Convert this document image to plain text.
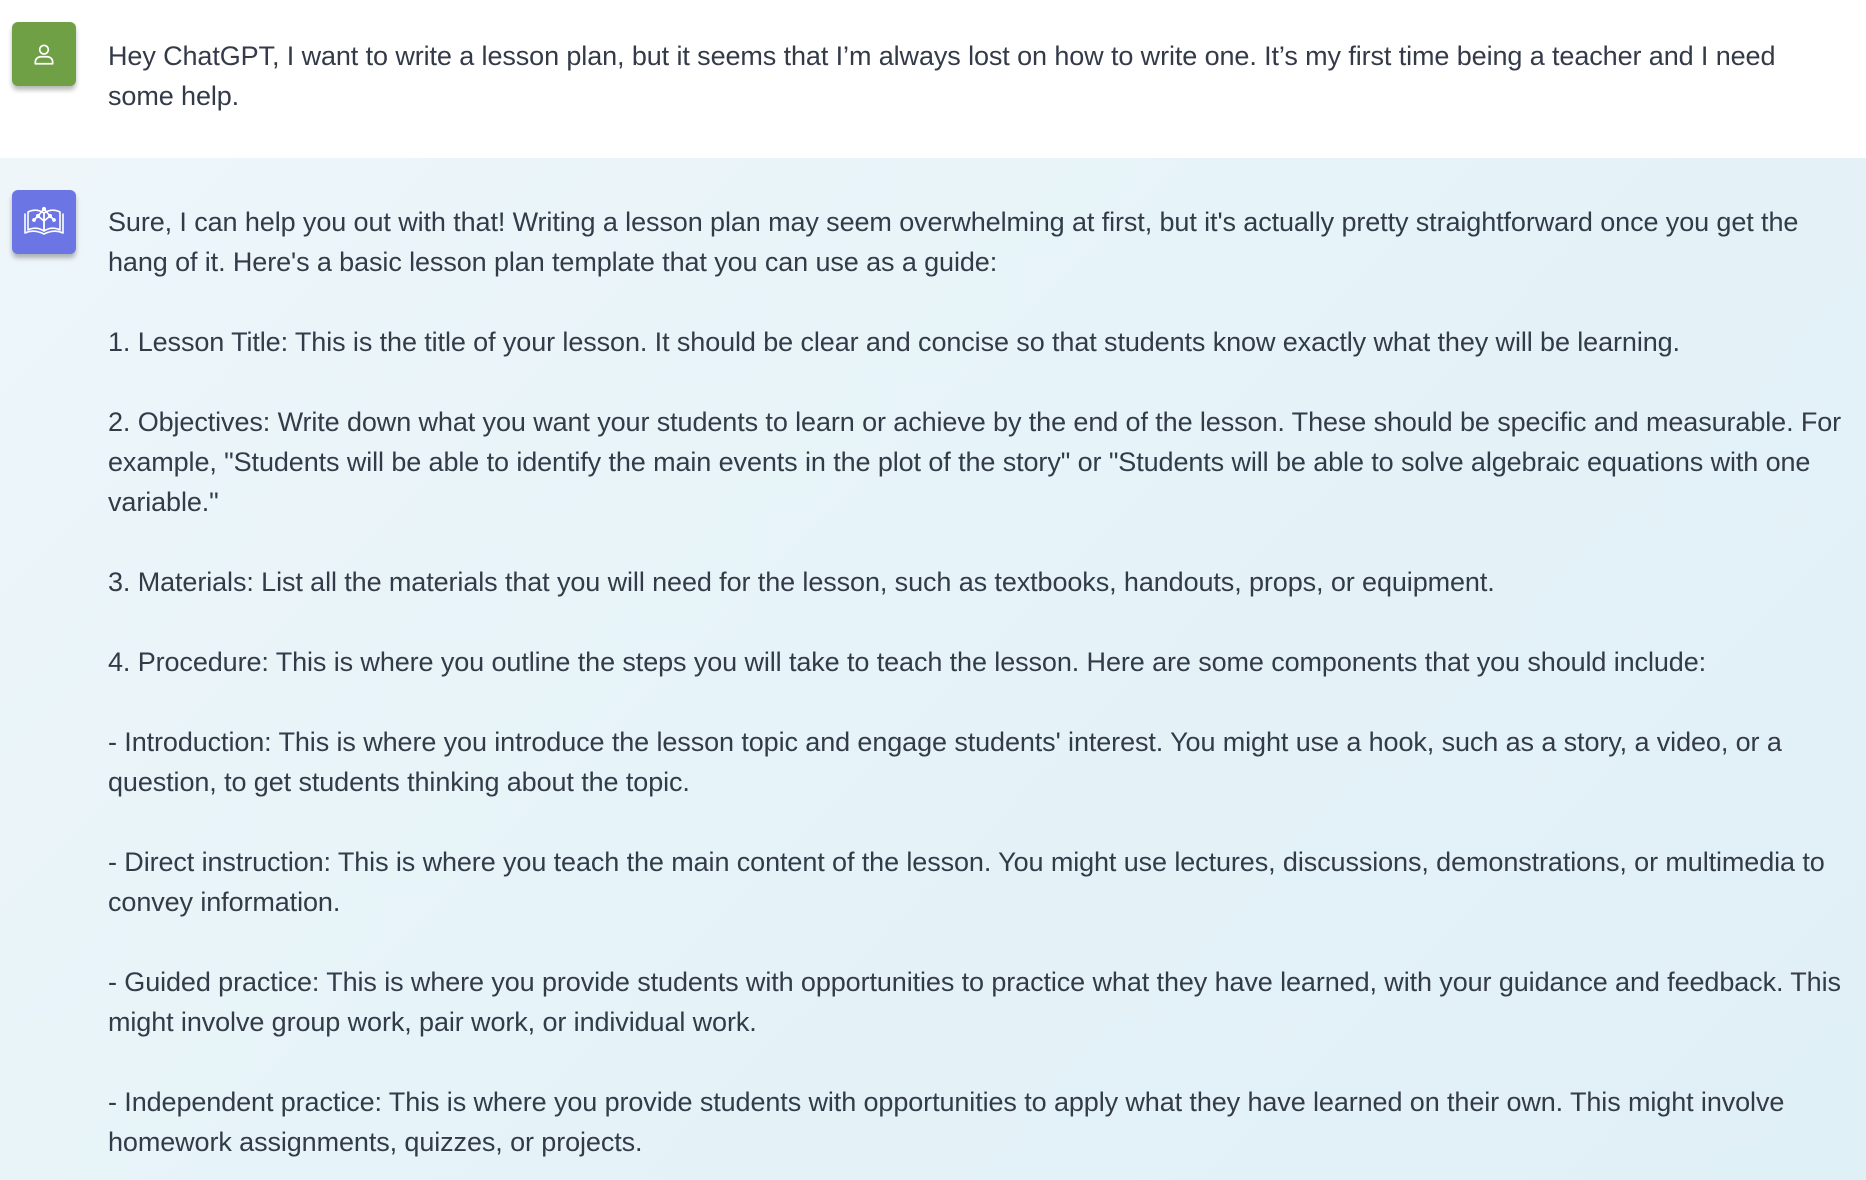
Hey ChatGPT, I want to write a lesson plan, but it seems that I’m always lost on how to write one. It’s my first time being a teacher and I need some help.

Sure, I can help you out with that! Writing a lesson plan may seem overwhelming at first, but it's actually pretty straightforward once you get the hang of it. Here's a basic lesson plan template that you can use as a guide:

1. Lesson Title: This is the title of your lesson. It should be clear and concise so that students know exactly what they will be learning.

2. Objectives: Write down what you want your students to learn or achieve by the end of the lesson. These should be specific and measurable. For example, "Students will be able to identify the main events in the plot of the story" or "Students will be able to solve algebraic equations with one variable."

3. Materials: List all the materials that you will need for the lesson, such as textbooks, handouts, props, or equipment.

4. Procedure: This is where you outline the steps you will take to teach the lesson. Here are some components that you should include:

- Introduction: This is where you introduce the lesson topic and engage students' interest. You might use a hook, such as a story, a video, or a question, to get students thinking about the topic.

- Direct instruction: This is where you teach the main content of the lesson. You might use lectures, discussions, demonstrations, or multimedia to convey information.

- Guided practice: This is where you provide students with opportunities to practice what they have learned, with your guidance and feedback. This might involve group work, pair work, or individual work.

- Independent practice: This is where you provide students with opportunities to apply what they have learned on their own. This might involve homework assignments, quizzes, or projects.
